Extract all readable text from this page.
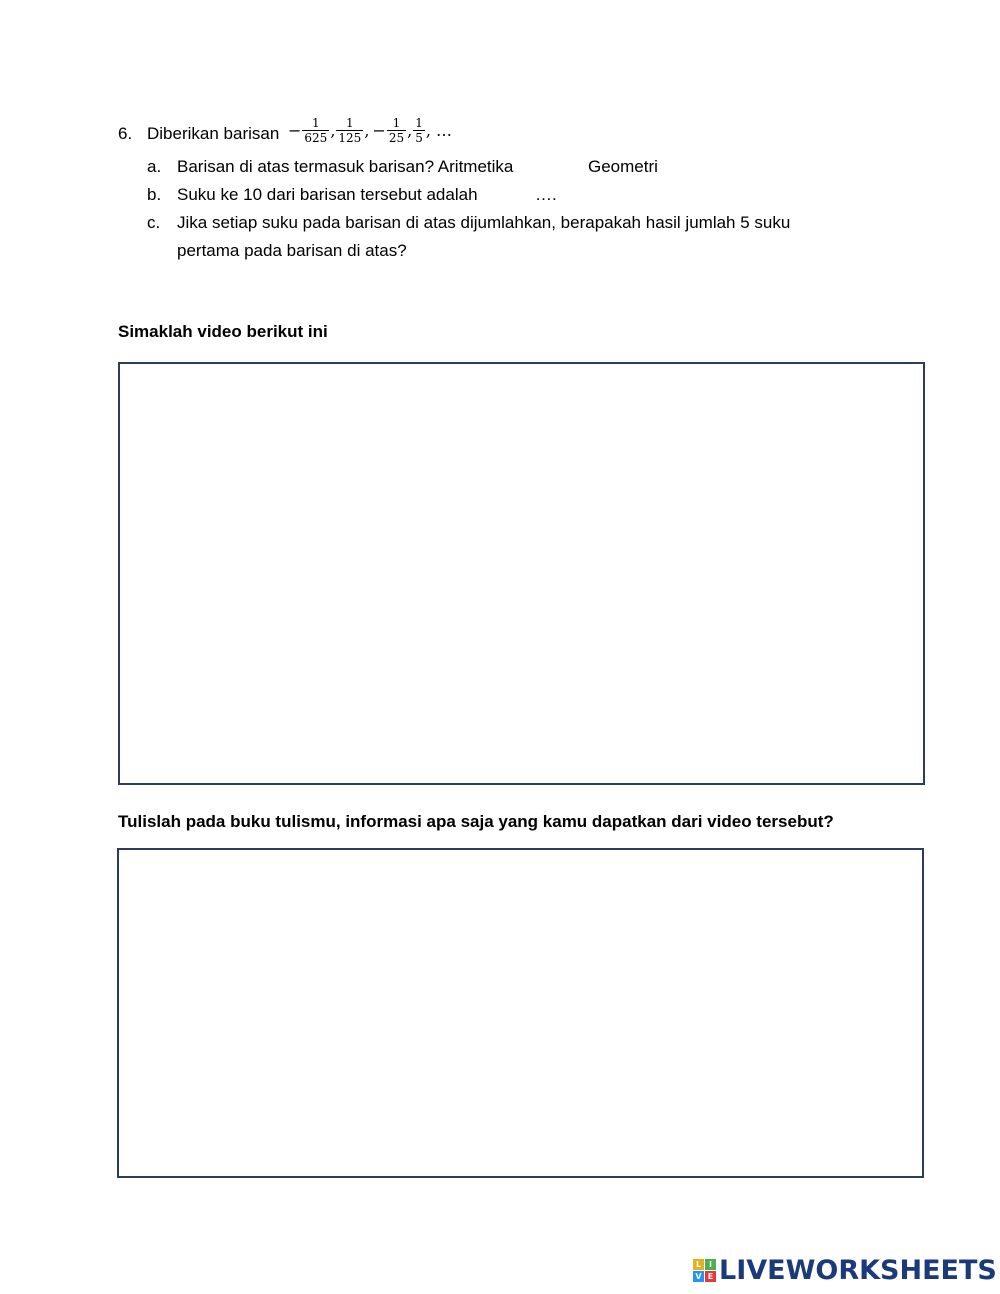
6. Diberikan barisan − $\frac{1}{625}$ , $\frac{1}{125}$ , − $\frac{1}{25}$ , $\frac{1}{5}$ , …
a. Barisan di atas termasuk barisan? Aritmetika	Geometri
b. Suku ke 10 dari barisan tersebut adalah	….
c. Jika setiap suku pada barisan di atas dijumlahkan, berapakah hasil jumlah 5 suku
pertama pada barisan di atas?
Simaklah video berikut ini
Tulislah pada buku tulismu, informasi apa saja yang kamu dapatkan dari video tersebut?
L I
V E LIVEWORKSHEETS
